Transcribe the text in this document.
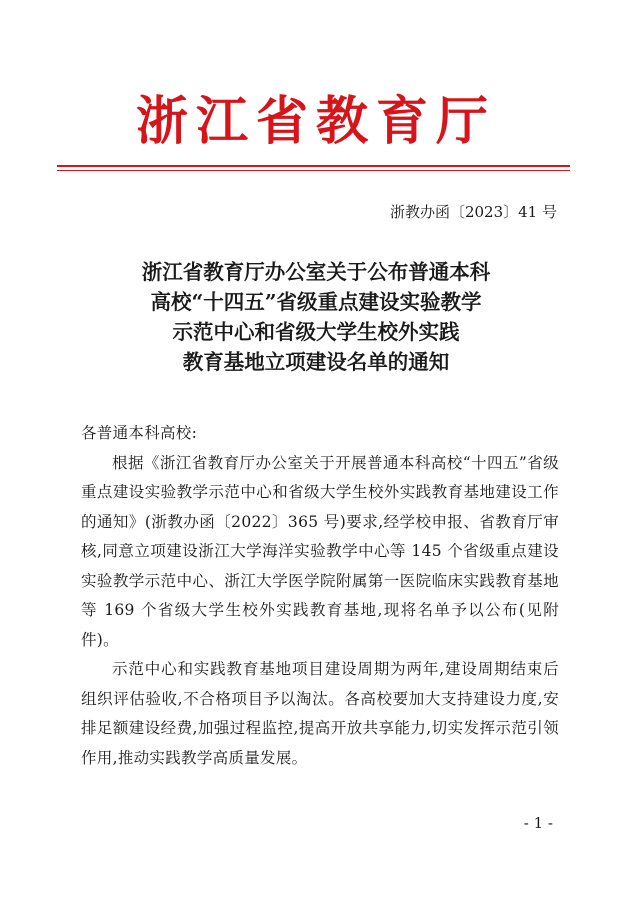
浙江省教育厅
浙教办函〔2023〕41 号
浙江省教育厅办公室关于公布普通本科
高校“十四五”省级重点建设实验教学
示范中心和省级大学生校外实践
教育基地立项建设名单的通知

各普通本科高校:

根据《浙江省教育厅办公室关于开展普通本科高校“十四五”省级重点建设实验教学示范中心和省级大学生校外实践教育基地建设工作的通知》(浙教办函〔2022〕365 号)要求,经学校申报、省教育厅审核,同意立项建设浙江大学海洋实验教学中心等 145 个省级重点建设实验教学示范中心、浙江大学医学院附属第一医院临床实践教育基地等 169 个省级大学生校外实践教育基地,现将名单予以公布(见附件)。

示范中心和实践教育基地项目建设周期为两年,建设周期结束后组织评估验收,不合格项目予以淘汰。各高校要加大支持建设力度,安排足额建设经费,加强过程监控,提高开放共享能力,切实发挥示范引领作用,推动实践教学高质量发展。

- 1 -
